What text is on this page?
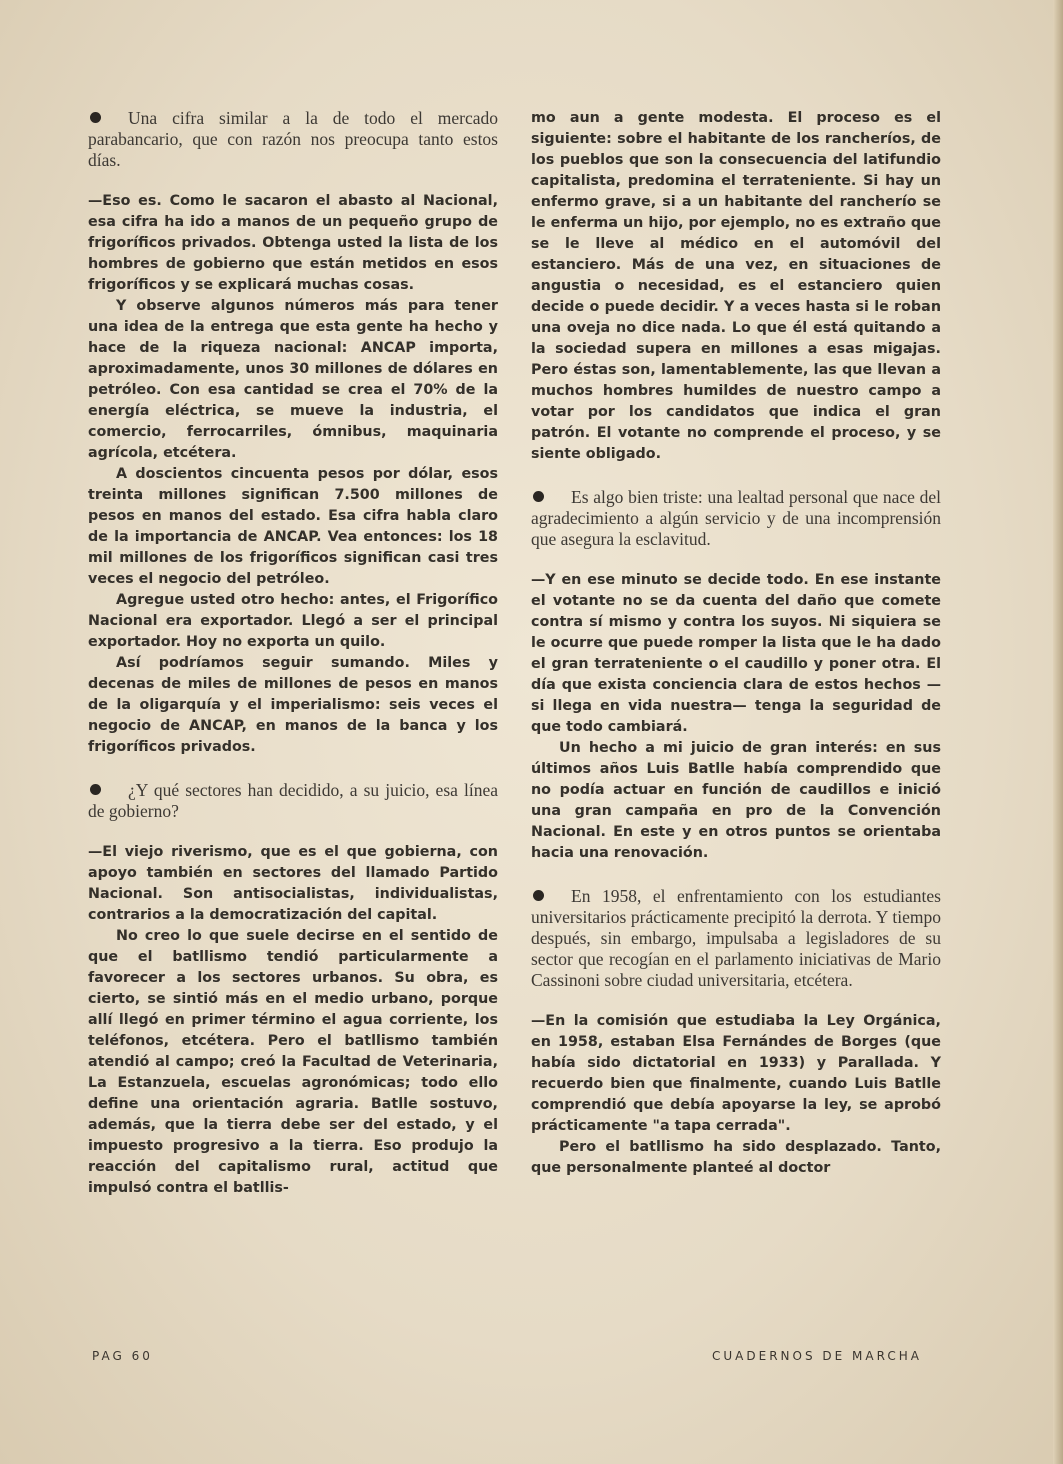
Una cifra similar a la de todo el mercado parabancario, que con razón nos preocupa tanto estos días.

—Eso es. Como le sacaron el abasto al Nacional, esa cifra ha ido a manos de un pequeño grupo de frigoríficos privados. Obtenga usted la lista de los hombres de gobierno que están metidos en esos frigoríficos y se explicará muchas cosas.

Y observe algunos números más para tener una idea de la entrega que esta gente ha hecho y hace de la riqueza nacional: ANCAP importa, aproximadamente, unos 30 millones de dólares en petróleo. Con esa cantidad se crea el 70% de la energía eléctrica, se mueve la industria, el comercio, ferrocarriles, ómnibus, maquinaria agrícola, etcétera.

A doscientos cincuenta pesos por dólar, esos treinta millones significan 7.500 millones de pesos en manos del estado. Esa cifra habla claro de la importancia de ANCAP. Vea entonces: los 18 mil millones de los frigoríficos significan casi tres veces el negocio del petróleo.

Agregue usted otro hecho: antes, el Frigorífico Nacional era exportador. Llegó a ser el principal exportador. Hoy no exporta un quilo.

Así podríamos seguir sumando. Miles y decenas de miles de millones de pesos en manos de la oligarquía y el imperialismo: seis veces el negocio de ANCAP, en manos de la banca y los frigoríficos privados.

¿Y qué sectores han decidido, a su juicio, esa línea de gobierno?

—El viejo riverismo, que es el que gobierna, con apoyo también en sectores del llamado Partido Nacional. Son antisocialistas, individualistas, contrarios a la democratización del capital.

No creo lo que suele decirse en el sentido de que el batllismo tendió particularmente a favorecer a los sectores urbanos. Su obra, es cierto, se sintió más en el medio urbano, porque allí llegó en primer término el agua corriente, los teléfonos, etcétera. Pero el batllismo también atendió al campo; creó la Facultad de Veterinaria, La Estanzuela, escuelas agronómicas; todo ello define una orientación agraria. Batlle sostuvo, además, que la tierra debe ser del estado, y el impuesto progresivo a la tierra. Eso produjo la reacción del capitalismo rural, actitud que impulsó contra el batllis-

mo aun a gente modesta. El proceso es el siguiente: sobre el habitante de los rancheríos, de los pueblos que son la consecuencia del latifundio capitalista, predomina el terrateniente. Si hay un enfermo grave, si a un habitante del rancherío se le enferma un hijo, por ejemplo, no es extraño que se le lleve al médico en el automóvil del estanciero. Más de una vez, en situaciones de angustia o necesidad, es el estanciero quien decide o puede decidir. Y a veces hasta si le roban una oveja no dice nada. Lo que él está quitando a la sociedad supera en millones a esas migajas. Pero éstas son, lamentablemente, las que llevan a muchos hombres humildes de nuestro campo a votar por los candidatos que indica el gran patrón. El votante no comprende el proceso, y se siente obligado.

Es algo bien triste: una lealtad personal que nace del agradecimiento a algún servicio y de una incomprensión que asegura la esclavitud.

—Y en ese minuto se decide todo. En ese instante el votante no se da cuenta del daño que comete contra sí mismo y contra los suyos. Ni siquiera se le ocurre que puede romper la lista que le ha dado el gran terrateniente o el caudillo y poner otra. El día que exista conciencia clara de estos hechos —si llega en vida nuestra— tenga la seguridad de que todo cambiará.

Un hecho a mi juicio de gran interés: en sus últimos años Luis Batlle había comprendido que no podía actuar en función de caudillos e inició una gran campaña en pro de la Convención Nacional. En este y en otros puntos se orientaba hacia una renovación.

En 1958, el enfrentamiento con los estudiantes universitarios prácticamente precipitó la derrota. Y tiempo después, sin embargo, impulsaba a legisladores de su sector que recogían en el parlamento iniciativas de Mario Cassinoni sobre ciudad universitaria, etcétera.

—En la comisión que estudiaba la Ley Orgánica, en 1958, estaban Elsa Fernándes de Borges (que había sido dictatorial en 1933) y Parallada. Y recuerdo bien que finalmente, cuando Luis Batlle comprendió que debía apoyarse la ley, se aprobó prácticamente "a tapa cerrada".

Pero el batllismo ha sido desplazado. Tanto, que personalmente planteé al doctor

PAG 60	CUADERNOS DE MARCHA
